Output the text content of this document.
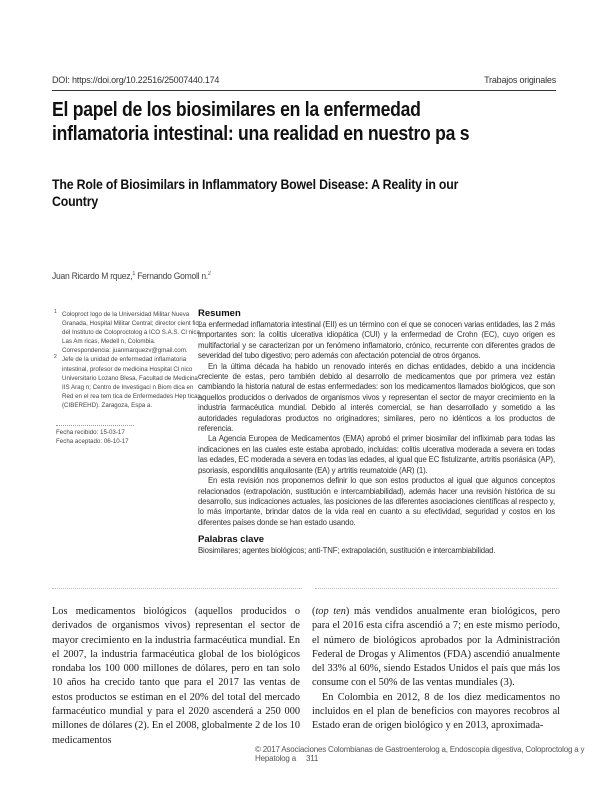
DOI: https://doi.org/10.22516/25007440.174	Trabajos originales
El papel de los biosimilares en la enfermedad
inflamatoria intestinal: una realidad en nuestro pa s
The Role of Biosimilars in Inflammatory Bowel Disease: A Reality in our
Country
Juan Ricardo M rquez,$^1$ Fernando Gomoll n.$^2$
1 Coloproct logo de la Universidad Militar Nueva Granada, Hospital Militar Central; director cient fico del Instituto de Coloproctolog a ICO S.A.S. Cl nica Las Am ricas, Medell n, Colombia. Correspondencia: juanmarquezv@gmail.com.
2 Jefe de la unidad de enfermedad inflamatoria intestinal, profesor de medicina Hospital Cl nico Universitario Lozano Blesa, Facultad de Medicina IIS Arag n; Centro de Investigaci n Biom dica en Red en el rea tem tica de Enfermedades Hep ticas (CIBEREHD). Zaragoza, Espa a.
Fecha recibido: 15-03-17
Fecha aceptado: 06-10-17
Resumen

La enfermedad inflamatoria intestinal (EII) es un término con el que se conocen varias entidades, las 2 más importantes son: la colitis ulcerativa idiopática (CUI) y la enfermedad de Crohn (EC), cuyo origen es multifactorial y se caracterizan por un fenómeno inflamatorio, crónico, recurrente con diferentes grados de severidad del tubo digestivo; pero además con afectación potencial de otros órganos.

En la última década ha habido un renovado interés en dichas entidades, debido a una incidencia creciente de estas, pero también debido al desarrollo de medicamentos que por primera vez están cambiando la historia natural de estas enfermedades: son los medicamentos llamados biológicos, que son aquellos producidos o derivados de organismos vivos y representan el sector de mayor crecimiento en la industria farmacéutica mundial. Debido al interés comercial, se han desarrollado y sometido a las autoridades reguladoras productos no originadores; similares, pero no idénticos a los productos de referencia.

La Agencia Europea de Medicamentos (EMA) aprobó el primer biosimilar del infliximab para todas las indicaciones en las cuales este estaba aprobado, incluidas: colitis ulcerativa moderada a severa en todas las edades, EC moderada a severa en todas las edades, al igual que EC fistulizante, artritis psoriásica (AP), psoriasis, espondilitis anquilosante (EA) y artritis reumatoide (AR) (1).

En esta revisión nos proponemos definir lo que son estos productos al igual que algunos conceptos relacionados (extrapolación, sustitución e intercambiabilidad), además hacer una revisión histórica de su desarrollo, sus indicaciones actuales, las posiciones de las diferentes asociaciones científicas al respecto y, lo más importante, brindar datos de la vida real en cuanto a su efectividad, seguridad y costos en los diferentes países donde se han estado usando.

Palabras clave

Biosimilares; agentes biológicos; anti-TNF; extrapolación, sustitución e intercambiabilidad.

Los medicamentos biológicos (aquellos producidos o derivados de organismos vivos) representan el sector de mayor crecimiento en la industria farmacéutica mundial. En el 2007, la industria farmacéutica global de los biológicos rondaba los 100 000 millones de dólares, pero en tan solo 10 años ha crecido tanto que para el 2017 las ventas de estos productos se estiman en el 20% del total del mercado farmacéutico mundial y para el 2020 ascenderá a 250 000 millones de dólares (2). En el 2008, globalmente 2 de los 10 medicamentos

(top ten) más vendidos anualmente eran biológicos, pero para el 2016 esta cifra ascendió a 7; en este mismo período, el número de biológicos aprobados por la Administración Federal de Drogas y Alimentos (FDA) ascendió anualmente del 33% al 60%, siendo Estados Unidos el país que más los consume con el 50% de las ventas mundiales (3).

En Colombia en 2012, 8 de los diez medicamentos no incluidos en el plan de beneficios con mayores recobros al Estado eran de origen biológico y en 2013, aproximada-

© 2017 Asociaciones Colombianas de Gastroenterolog a, Endoscopia digestiva, Coloproctolog a y Hepatolog a 311
